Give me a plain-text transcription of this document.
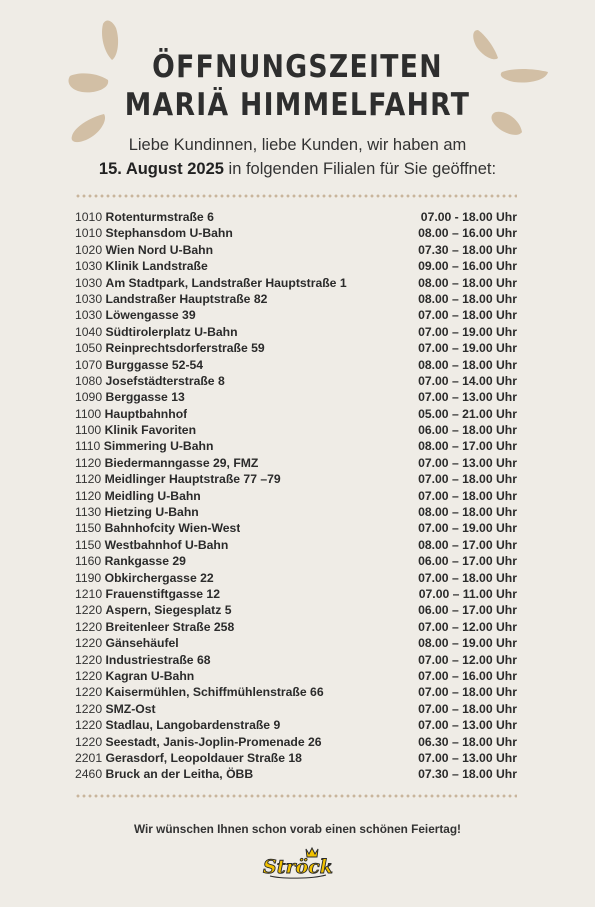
ÖFFNUNGSZEITEN
MARIÄ HIMMELFAHRT
Liebe Kundinnen, liebe Kunden, wir haben am
15. August 2025 in folgenden Filialen für Sie geöffnet:
1010 Rotenturmstraße 6	07.00 - 18.00 Uhr
1010 Stephansdom U-Bahn	08.00 – 16.00 Uhr
1020 Wien Nord U-Bahn	07.30 – 18.00 Uhr
1030 Klinik Landstraße	09.00 – 16.00 Uhr
1030 Am Stadtpark, Landstraßer Hauptstraße 1	08.00 – 18.00 Uhr
1030 Landstraßer Hauptstraße 82	08.00 – 18.00 Uhr
1030 Löwengasse 39	07.00 – 18.00 Uhr
1040 Südtirolerplatz U-Bahn	07.00 – 19.00 Uhr
1050 Reinprechtsdorferstraße 59	07.00 – 19.00 Uhr
1070 Burggasse 52-54	08.00 – 18.00 Uhr
1080 Josefstädterstraße 8	07.00 – 14.00 Uhr
1090 Berggasse 13	07.00 – 13.00 Uhr
1100 Hauptbahnhof	05.00 – 21.00 Uhr
1100 Klinik Favoriten	06.00 – 18.00 Uhr
1110 Simmering U-Bahn	08.00 – 17.00 Uhr
1120 Biedermanngasse 29, FMZ	07.00 – 13.00 Uhr
1120 Meidlinger Hauptstraße 77 –79	07.00 – 18.00 Uhr
1120 Meidling U-Bahn	07.00 – 18.00 Uhr
1130 Hietzing U-Bahn	08.00 – 18.00 Uhr
1150 Bahnhofcity Wien-West	07.00 – 19.00 Uhr
1150 Westbahnhof U-Bahn	08.00 – 17.00 Uhr
1160 Rankgasse 29	06.00 – 17.00 Uhr
1190 Obkirchergasse 22	07.00 – 18.00 Uhr
1210 Frauenstiftgasse 12	07.00 – 11.00 Uhr
1220 Aspern, Siegesplatz 5	06.00 – 17.00 Uhr
1220 Breitenleer Straße 258	07.00 – 12.00 Uhr
1220 Gänsehäufel	08.00 – 19.00 Uhr
1220 Industriestraße 68	07.00 – 12.00 Uhr
1220 Kagran U-Bahn	07.00 – 16.00 Uhr
1220 Kaisermühlen, Schiffmühlenstraße 66	07.00 – 18.00 Uhr
1220 SMZ-Ost	07.00 – 18.00 Uhr
1220 Stadlau, Langobardenstraße 9	07.00 – 13.00 Uhr
1220 Seestadt, Janis-Joplin-Promenade 26	06.30 – 18.00 Uhr
2201 Gerasdorf, Leopoldauer Straße 18	07.00 – 13.00 Uhr
2460 Bruck an der Leitha, ÖBB	07.30 – 18.00 Uhr
Wir wünschen Ihnen schon vorab einen schönen Feiertag!
Ströck
